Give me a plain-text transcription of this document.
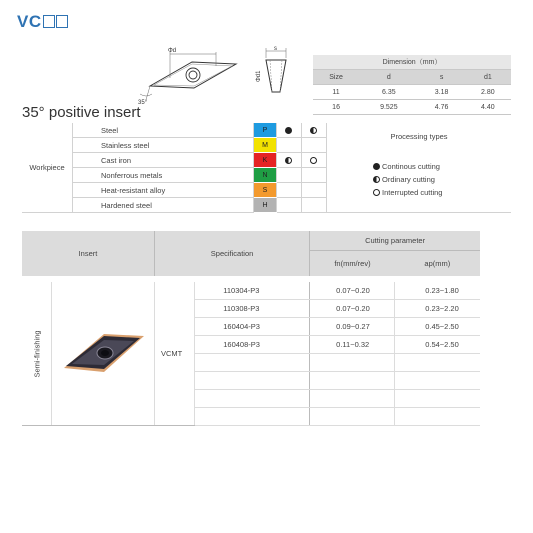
VC
Φd
35°
s
Φd1
Dimension（mm）			
Size	d	s	d1
11	6.35	3.18	2.80
16	9.525	4.76	4.40
35° positive insert
Workpiece	Steel	P			Processing types
Continous cutting
Ordinary cutting
Interrupted cutting

	Stainless steel	M			
	Cast iron	K			
	Nonferrous metals	N			
	Heat-resistant alloy	S			
	Hardened steel	H			
Insert		Specification		Cutting parameter	
				fn(mm/rev)	ap(mm)

Semi-finishing		VCMT	110304-P3	0.07~0.20	0.23~1.80
			110308-P3	0.07~0.20	0.23~2.20
			160404-P3	0.09~0.27	0.45~2.50
			160408-P3	0.11~0.32	0.54~2.50
